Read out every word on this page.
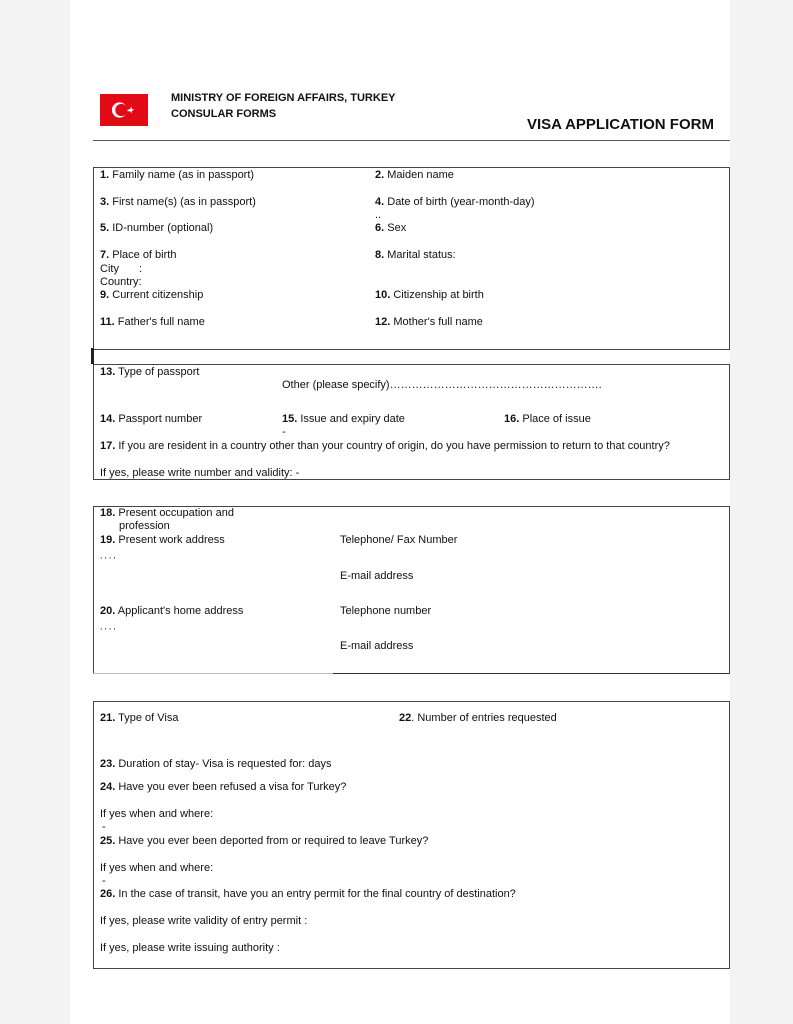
MINISTRY OF FOREIGN AFFAIRS, TURKEY
CONSULAR FORMS
VISA APPLICATION FORM
1. Family name (as in passport)	2. Maiden name
3. First name(s) (as in passport)	4. Date of birth (year-month-day)
..
5. ID-number (optional)	6. Sex
7. Place of birth
City :
Country:
8. Marital status:
9. Current citizenship	10. Citizenship at birth
11. Father's full name	12. Mother's full name
13. Type of passport
Other (please specify)………………………………………………….
14. Passport number	15. Issue and expiry date
-
16. Place of issue
17. If you are resident in a country other than your country of origin, do you have permission to return to that country?
If yes, please write number and validity: -
18. Present occupation and
profession
19. Present work address
, , , ,
Telephone/ Fax Number
E-mail address
20. Applicant's home address
, , , ,
Telephone number
E-mail address
21. Type of Visa	22. Number of entries requested
23. Duration of stay- Visa is requested for: days
24. Have you ever been refused a visa for Turkey?
If yes when and where:
-
25. Have you ever been deported from or required to leave Turkey?
If yes when and where:
-
26. In the case of transit, have you an entry permit for the final country of destination?
If yes, please write validity of entry permit :
If yes, please write issuing authority :
